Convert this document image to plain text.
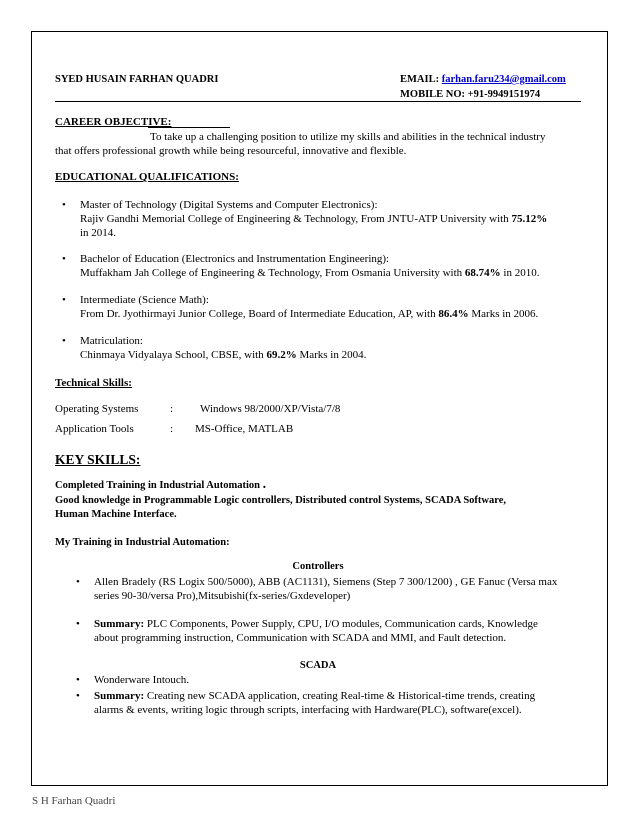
SYED HUSAIN FARHAN QUADRI	EMAIL: farhan.faru234@gmail.com
MOBILE NO: +91-9949151974
CAREER OBJECTIVE:
To take up a challenging position to utilize my skills and abilities in the technical industry
that offers professional growth while being resourceful, innovative and flexible.
EDUCATIONAL QUALIFICATIONS:
• Master of Technology (Digital Systems and Computer Electronics):
Rajiv Gandhi Memorial College of Engineering & Technology, From JNTU-ATP University with 75.12%
in 2014.
• Bachelor of Education (Electronics and Instrumentation Engineering):
Muffakham Jah College of Engineering & Technology, From Osmania University with 68.74% in 2010.
• Intermediate (Science Math):
From Dr. Jyothirmayi Junior College, Board of Intermediate Education, AP, with 86.4% Marks in 2006.
• Matriculation:
Chinmaya Vidyalaya School, CBSE, with 69.2% Marks in 2004.
Technical Skills:
Operating Systems	: Windows 98/2000/XP/Vista/7/8
Application Tools	: MS-Office, MATLAB
KEY SKILLS:
Completed Training in Industrial Automation .
Good knowledge in Programmable Logic controllers, Distributed control Systems, SCADA Software,
Human Machine Interface.
My Training in Industrial Automation:
Controllers
• Allen Bradely (RS Logix 500/5000), ABB (AC1131), Siemens (Step 7 300/1200) , GE Fanuc (Versa max
series 90-30/versa Pro),Mitsubishi(fx-series/Gxdeveloper)
• Summary: PLC Components, Power Supply, CPU, I/O modules, Communication cards, Knowledge
about programming instruction, Communication with SCADA and MMI, and Fault detection.
SCADA
• Wonderware Intouch.
• Summary: Creating new SCADA application, creating Real-time & Historical-time trends, creating
alarms & events, writing logic through scripts, interfacing with Hardware(PLC), software(excel).
S H Farhan Quadri
